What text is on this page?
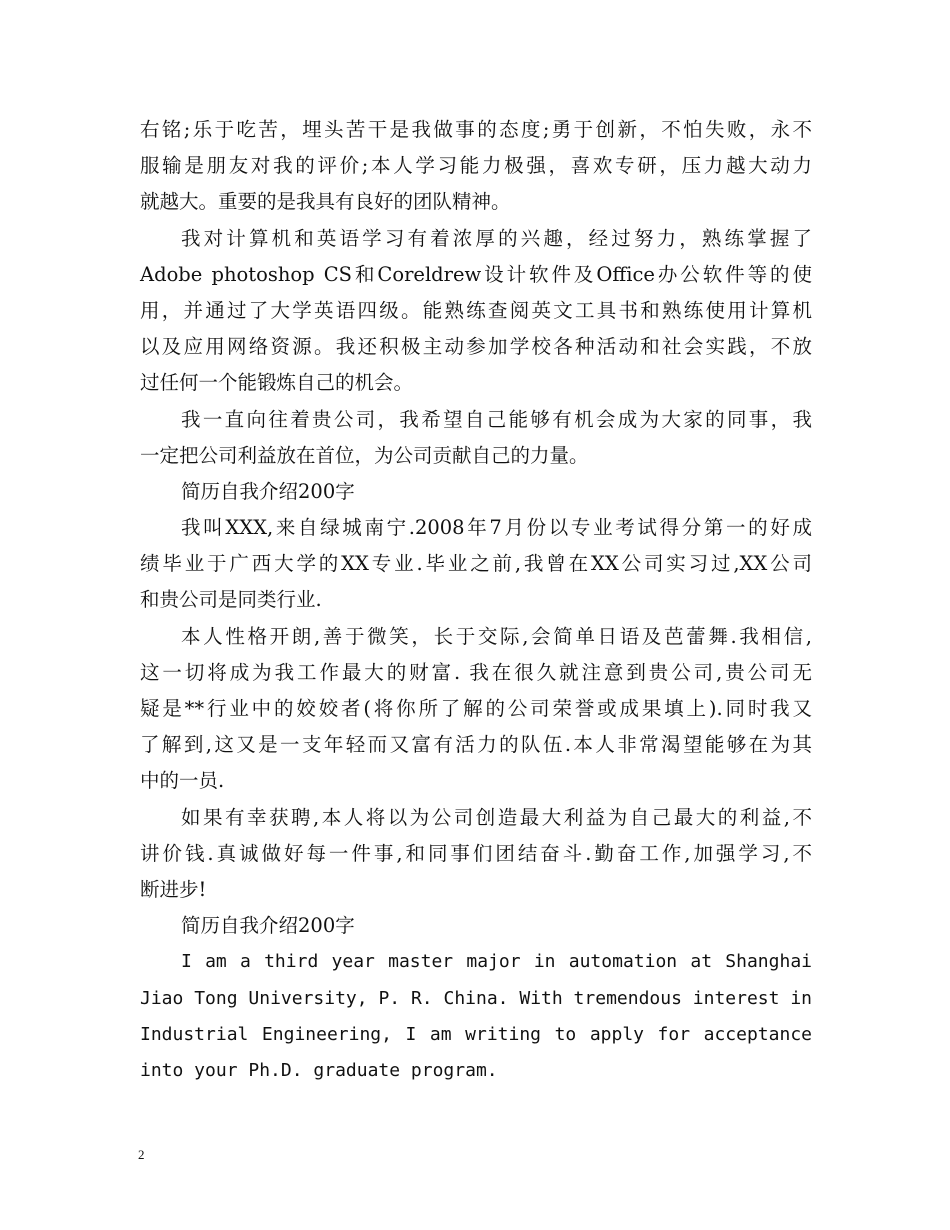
右铭;乐于吃苦，埋头苦干是我做事的态度;勇于创新，不怕失败，永不
服输是朋友对我的评价;本人学习能力极强，喜欢专研，压力越大动力
就越大。重要的是我具有良好的团队精神。
我对计算机和英语学习有着浓厚的兴趣，经过努力，熟练掌握了
Adobe photoshop CS和Coreldrew设计软件及Office办公软件等的使
用，并通过了大学英语四级。能熟练查阅英文工具书和熟练使用计算机
以及应用网络资源。我还积极主动参加学校各种活动和社会实践，不放
过任何一个能锻炼自己的机会。
我一直向往着贵公司，我希望自己能够有机会成为大家的同事，我
一定把公司利益放在首位，为公司贡献自己的力量。
简历自我介绍200字
我叫XXX,来自绿城南宁.2008年7月份以专业考试得分第一的好成
绩毕业于广西大学的XX专业.毕业之前,我曾在XX公司实习过,XX公司
和贵公司是同类行业.
本人性格开朗,善于微笑，长于交际,会简单日语及芭蕾舞.我相信,
这一切将成为我工作最大的财富. 我在很久就注意到贵公司,贵公司无
疑是**行业中的姣姣者(将你所了解的公司荣誉或成果填上).同时我又
了解到,这又是一支年轻而又富有活力的队伍.本人非常渴望能够在为其
中的一员.
如果有幸获聘,本人将以为公司创造最大利益为自己最大的利益,不
讲价钱.真诚做好每一件事,和同事们团结奋斗.勤奋工作,加强学习,不
断进步!
简历自我介绍200字
I am a third year master major in automation at Shanghai
Jiao Tong University, P. R. China. With tremendous interest in
Industrial Engineering, I am writing to apply for acceptance
into your Ph.D. graduate program.
2
